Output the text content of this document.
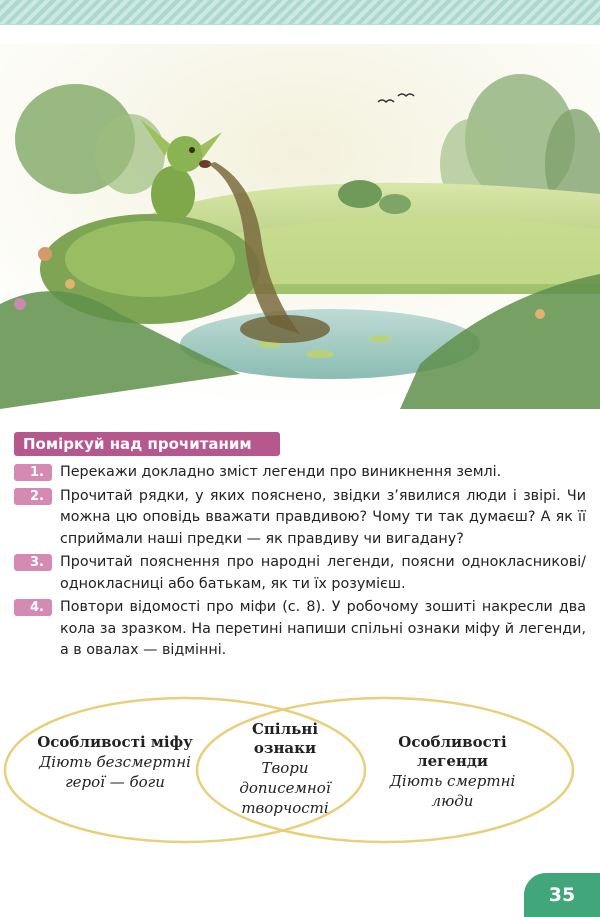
Поміркуй над прочитаним
1.	Перекажи докладно зміст легенди про виникнення землі.
2.	Прочитай рядки, у яких пояснено, звідки з’явилися люди і звірі. Чи можна цю оповідь вважати правдивою? Чому ти так думаєш? А як її сприймали наші предки — як правдиву чи вигадану?
3.	Прочитай пояснення про народні легенди, поясни однокласникові/однокласниці або батькам, як ти їх розумієш.
4.	Повтори відомості про міфи (с. 8). У робочому зошиті накресли два кола за зразком. На перетині напиши спільні ознаки міфу й легенди, а в овалах — відмінні.
Особливості міфу
Діють безсмертні
герої — боги
Спільні
ознаки
Твори
дописемної
творчості
Особливості
легенди
Діють смертні
люди
35
